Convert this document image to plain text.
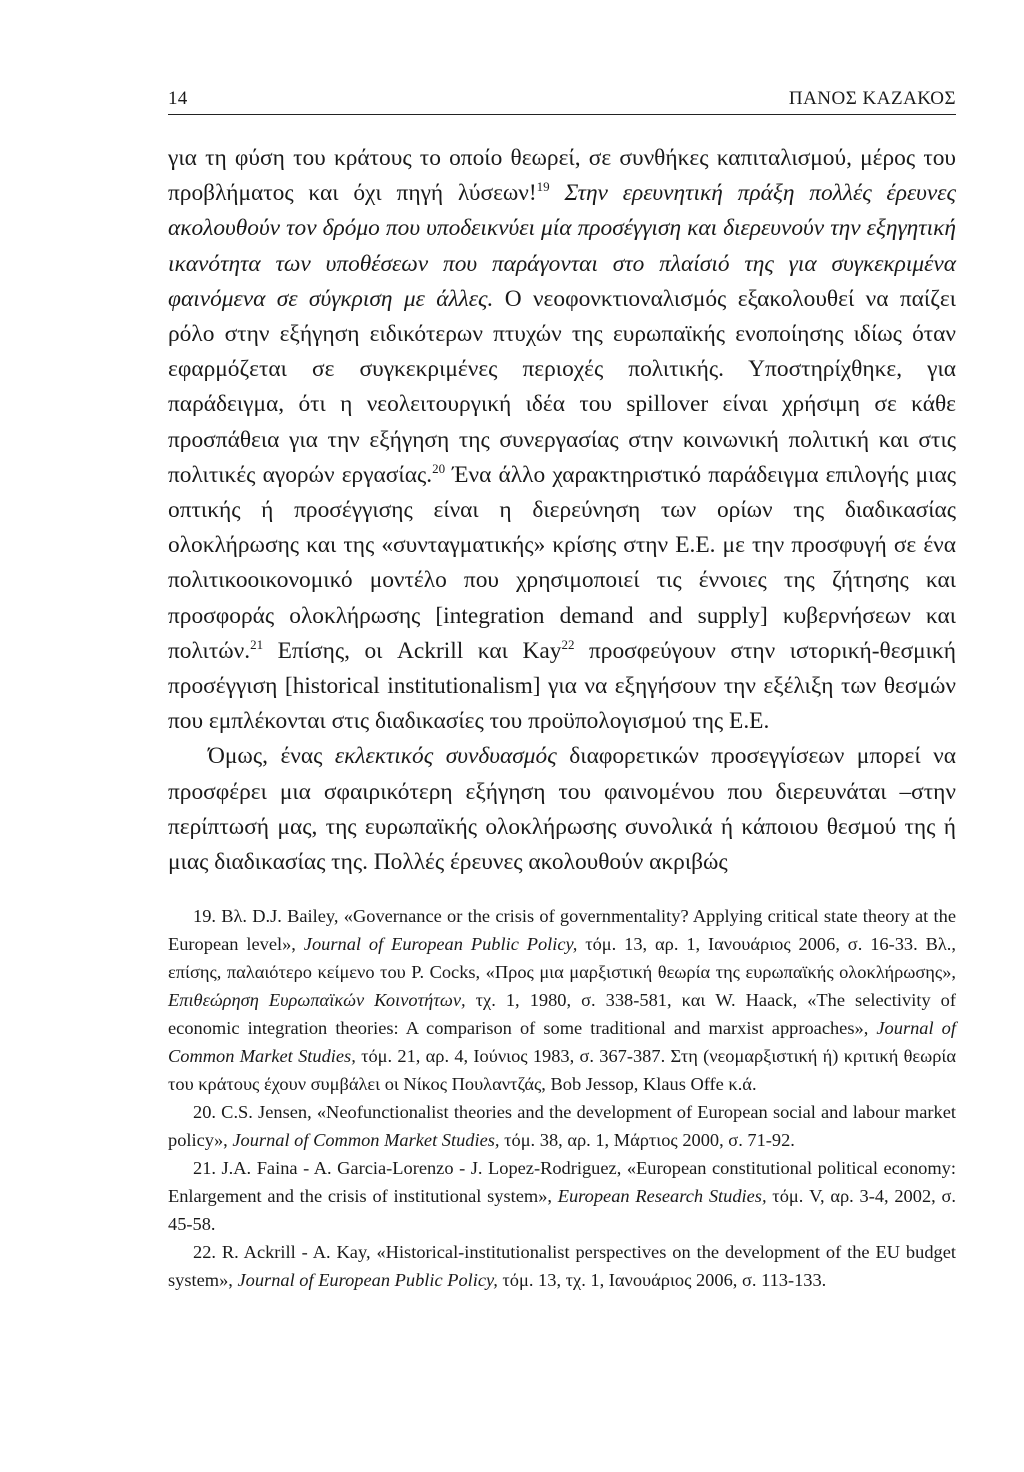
14	ΠΑΝΟΣ ΚΑΖΑΚΟΣ

για τη φύση του κράτους το οποίο θεωρεί, σε συνθήκες καπιταλισμού, μέρος του προβλήματος και όχι πηγή λύσεων!$^{19}$ Στην ερευνητική πράξη πολλές έρευνες ακολουθούν τον δρόμο που υποδεικνύει μία προσέγγιση και διερευνούν την εξηγητική ικανότητα των υποθέσεων που παράγονται στο πλαίσιό της για συγκεκριμένα φαινόμενα σε σύγκριση με άλλες. Ο νεοφονκτιοναλισμός εξακολουθεί να παίζει ρόλο στην εξήγηση ειδικότερων πτυχών της ευρωπαϊκής ενοποίησης ιδίως όταν εφαρμόζεται σε συγκεκριμένες περιοχές πολιτικής. Υποστηρίχθηκε, για παράδειγμα, ότι η νεολειτουργική ιδέα του spillover είναι χρήσιμη σε κάθε προσπάθεια για την εξήγηση της συνεργασίας στην κοινωνική πολιτική και στις πολιτικές αγορών εργασίας.$^{20}$ Ένα άλλο χαρακτηριστικό παράδειγμα επιλογής μιας οπτικής ή προσέγγισης είναι η διερεύνηση των ορίων της διαδικασίας ολοκλήρωσης και της «συνταγματικής» κρίσης στην Ε.Ε. με την προσφυγή σε ένα πολιτικοοικονομικό μοντέλο που χρησιμοποιεί τις έννοιες της ζήτησης και προσφοράς ολοκλήρωσης [integration demand and supply] κυβερνήσεων και πολιτών.$^{21}$ Επίσης, οι Ackrill και Kay$^{22}$ προσφεύγουν στην ιστορική-θεσμική προσέγγιση [historical institutionalism] για να εξηγήσουν την εξέλιξη των θεσμών που εμπλέκονται στις διαδικασίες του προϋπολογισμού της Ε.Ε.

Όμως, ένας εκλεκτικός συνδυασμός διαφορετικών προσεγγίσεων μπορεί να προσφέρει μια σφαιρικότερη εξήγηση του φαινομένου που διερευνάται –στην περίπτωσή μας, της ευρωπαϊκής ολοκλήρωσης συνολικά ή κάποιου θεσμού της ή μιας διαδικασίας της. Πολλές έρευνες ακολουθούν ακριβώς

19. Βλ. D.J. Bailey, «Governance or the crisis of governmentality? Applying critical state theory at the European level», Journal of European Public Policy, τόμ. 13, αρ. 1, Ιανουάριος 2006, σ. 16-33. Βλ., επίσης, παλαιότερο κείμενο του P. Cocks, «Προς μια μαρξιστική θεωρία της ευρωπαϊκής ολοκλήρωσης», Επιθεώρηση Ευρωπαϊκών Κοινοτήτων, τχ. 1, 1980, σ. 338-581, και W. Haack, «The selectivity of economic integration theories: A comparison of some traditional and marxist approaches», Journal of Common Market Studies, τόμ. 21, αρ. 4, Ιούνιος 1983, σ. 367-387. Στη (νεομαρξιστική ή) κριτική θεωρία του κράτους έχουν συμβάλει οι Νίκος Πουλαντζάς, Bob Jessop, Klaus Offe κ.ά.

20. C.S. Jensen, «Neofunctionalist theories and the development of European social and labour market policy», Journal of Common Market Studies, τόμ. 38, αρ. 1, Μάρτιος 2000, σ. 71-92.

21. J.A. Faina - A. Garcia-Lorenzo - J. Lopez-Rodriguez, «European constitutional political economy: Enlargement and the crisis of institutional system», European Research Studies, τόμ. V, αρ. 3-4, 2002, σ. 45-58.

22. R. Ackrill - A. Kay, «Historical-institutionalist perspectives on the development of the EU budget system», Journal of European Public Policy, τόμ. 13, τχ. 1, Ιανουάριος 2006, σ. 113-133.
